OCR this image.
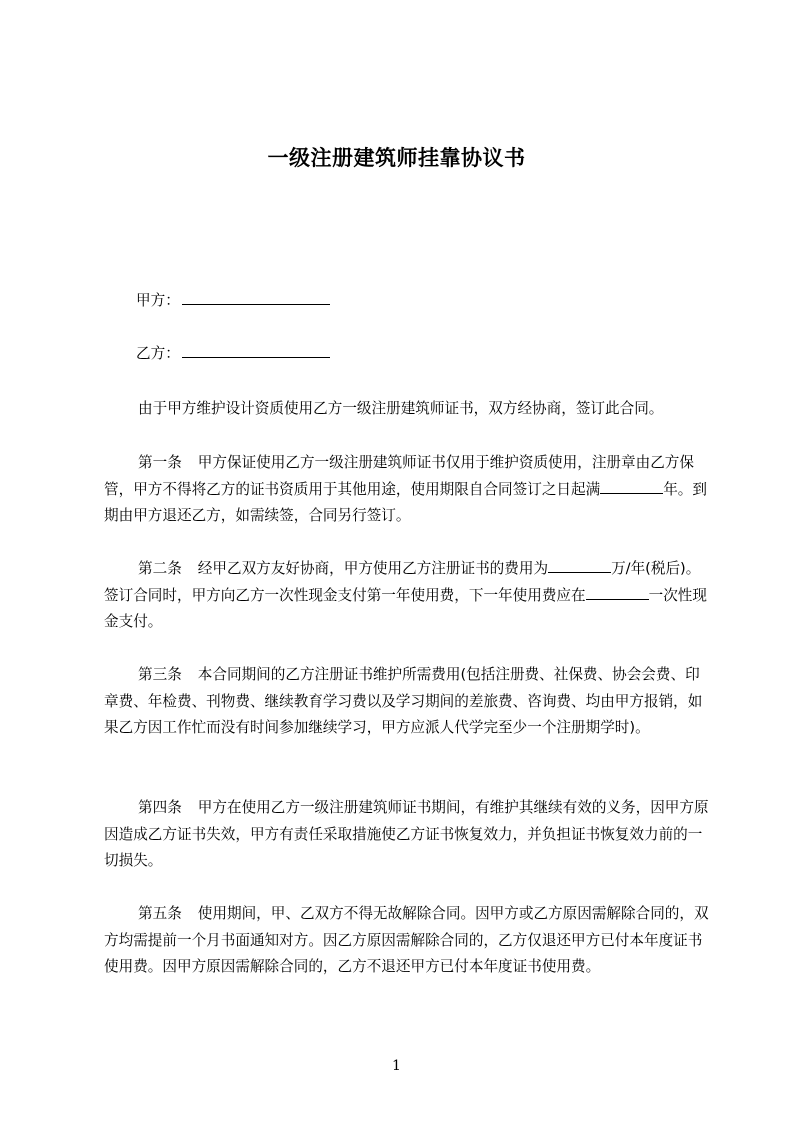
一级注册建筑师挂靠协议书
甲方：
乙方：

由于甲方维护设计资质使用乙方一级注册建筑师证书，双方经协商，签订此合同。

第一条 甲方保证使用乙方一级注册建筑师证书仅用于维护资质使用，注册章由乙方保管，甲方不得将乙方的证书资质用于其他用途，使用期限自合同签订之日起满	年。到期由甲方退还乙方，如需续签，合同另行签订。

第二条 经甲乙双方友好协商，甲方使用乙方注册证书的费用为	万/年(税后)。签订合同时，甲方向乙方一次性现金支付第一年使用费，下一年使用费应在	一次性现金支付。

第三条 本合同期间的乙方注册证书维护所需费用(包括注册费、社保费、协会会费、印章费、年检费、刊物费、继续教育学习费以及学习期间的差旅费、咨询费、均由甲方报销，如果乙方因工作忙而没有时间参加继续学习，甲方应派人代学完至少一个注册期学时)。

第四条 甲方在使用乙方一级注册建筑师证书期间，有维护其继续有效的义务，因甲方原因造成乙方证书失效，甲方有责任采取措施使乙方证书恢复效力，并负担证书恢复效力前的一切损失。

第五条 使用期间，甲、乙双方不得无故解除合同。因甲方或乙方原因需解除合同的，双方均需提前一个月书面通知对方。因乙方原因需解除合同的，乙方仅退还甲方已付本年度证书使用费。因甲方原因需解除合同的，乙方不退还甲方已付本年度证书使用费。

1
